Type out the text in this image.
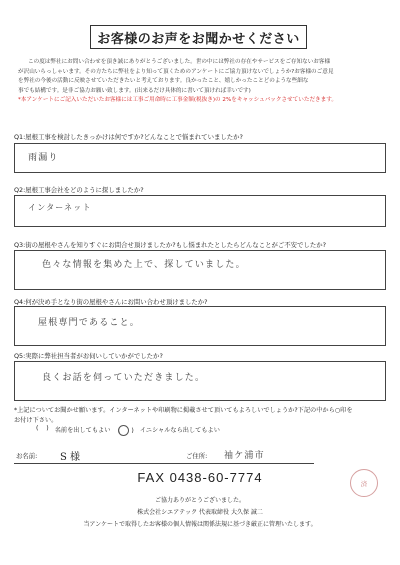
お客様のお声をお聞かせください

この度は弊社にお問い合わせを頂き誠にありがとうございました。世の中には弊社の存在やサービスをご存知ないお客様

が沢山いらっしゃいます。その方たちに弊社をより知って頂くためのアンケートにご協力頂けないでしょうか?お客様のご意見

を弊社の今後の活動に反映させていただきたいと考えております。良かったこと、嬉しかったことどのような些細な

事でも結構です。是非ご協力お願い致します。(出来るだけ具体的に書いて頂ければ幸いです)

*本アンケートにご記入いただいたお客様には工事ご用命時に工事金額(税抜き)の 2%をキャッシュバックさせていただきます。

Q1:屋根工事を検討したきっかけは何ですか?どんなことで悩まれていましたか?
雨漏り
Q2:屋根工事会社をどのように探しましたか?
インターネット
Q3:街の屋根やさんを知りすぐにお問合せ頂けましたか?もし悩まれたとしたらどんなことがご不安でしたか?
色々な情報を集めた上で、探していました。
Q4:何が決め手となり街の屋根やさんにお問い合わせ頂けましたか?
屋根専門であること。
Q5:実際に弊社担当者がお伺いしていかがでしたか?
良くお話を伺っていただきました。

*上記についてお聞かせ願います。インターネットや印刷物に掲載させて頂いてもよろしいでしょうか?下記の中から○印を

お付け下さい。

(    ) 名前を出してもよい ( ) イニシャルなら出してもよい
お名前: S 様	ご住所: 袖ケ浦市
FAX 0438-60-7774	済
ご協力ありがとうございました。
株式会社シエアテック 代表取締役 大久保 誠二
当アンケートで取得したお客様の個人情報は関係法規に基づき厳正に管理いたします。
